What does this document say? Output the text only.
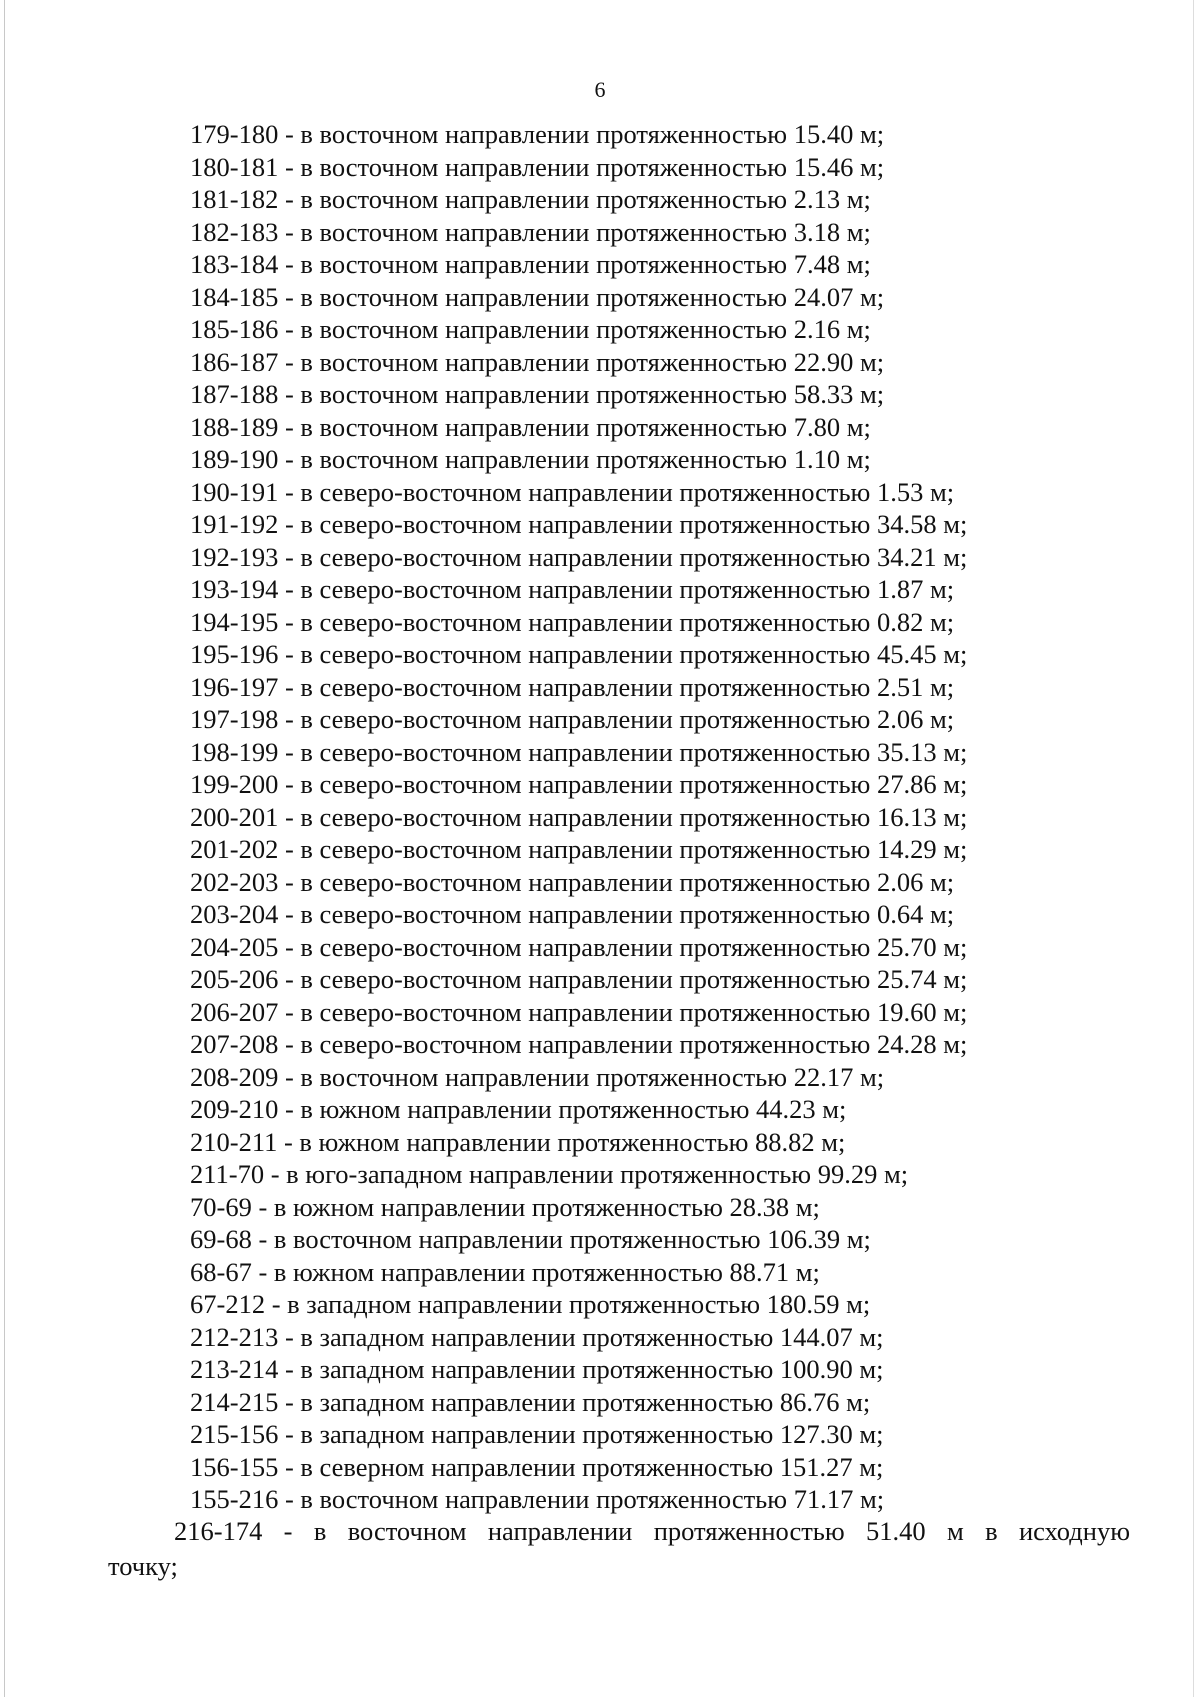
6
179-180 - в восточном направлении протяженностью 15.40 м;
180-181 - в восточном направлении протяженностью 15.46 м;
181-182 - в восточном направлении протяженностью 2.13 м;
182-183 - в восточном направлении протяженностью 3.18 м;
183-184 - в восточном направлении протяженностью 7.48 м;
184-185 - в восточном направлении протяженностью 24.07 м;
185-186 - в восточном направлении протяженностью 2.16 м;
186-187 - в восточном направлении протяженностью 22.90 м;
187-188 - в восточном направлении протяженностью 58.33 м;
188-189 - в восточном направлении протяженностью 7.80 м;
189-190 - в восточном направлении протяженностью 1.10 м;
190-191 - в северо-восточном направлении протяженностью 1.53 м;
191-192 - в северо-восточном направлении протяженностью 34.58 м;
192-193 - в северо-восточном направлении протяженностью 34.21 м;
193-194 - в северо-восточном направлении протяженностью 1.87 м;
194-195 - в северо-восточном направлении протяженностью 0.82 м;
195-196 - в северо-восточном направлении протяженностью 45.45 м;
196-197 - в северо-восточном направлении протяженностью 2.51 м;
197-198 - в северо-восточном направлении протяженностью 2.06 м;
198-199 - в северо-восточном направлении протяженностью 35.13 м;
199-200 - в северо-восточном направлении протяженностью 27.86 м;
200-201 - в северо-восточном направлении протяженностью 16.13 м;
201-202 - в северо-восточном направлении протяженностью 14.29 м;
202-203 - в северо-восточном направлении протяженностью 2.06 м;
203-204 - в северо-восточном направлении протяженностью 0.64 м;
204-205 - в северо-восточном направлении протяженностью 25.70 м;
205-206 - в северо-восточном направлении протяженностью 25.74 м;
206-207 - в северо-восточном направлении протяженностью 19.60 м;
207-208 - в северо-восточном направлении протяженностью 24.28 м;
208-209 - в восточном направлении протяженностью 22.17 м;
209-210 - в южном направлении протяженностью 44.23 м;
210-211 - в южном направлении протяженностью 88.82 м;
211-70 - в юго-западном направлении протяженностью 99.29 м;
70-69 - в южном направлении протяженностью 28.38 м;
69-68 - в восточном направлении протяженностью 106.39 м;
68-67 - в южном направлении протяженностью 88.71 м;
67-212 - в западном направлении протяженностью 180.59 м;
212-213 - в западном направлении протяженностью 144.07 м;
213-214 - в западном направлении протяженностью 100.90 м;
214-215 - в западном направлении протяженностью 86.76 м;
215-156 - в западном направлении протяженностью 127.30 м;
156-155 - в северном направлении протяженностью 151.27 м;
155-216 - в восточном направлении протяженностью 71.17 м;
216-174 - в восточном направлении протяженностью 51.40 м в исходную
точку;
